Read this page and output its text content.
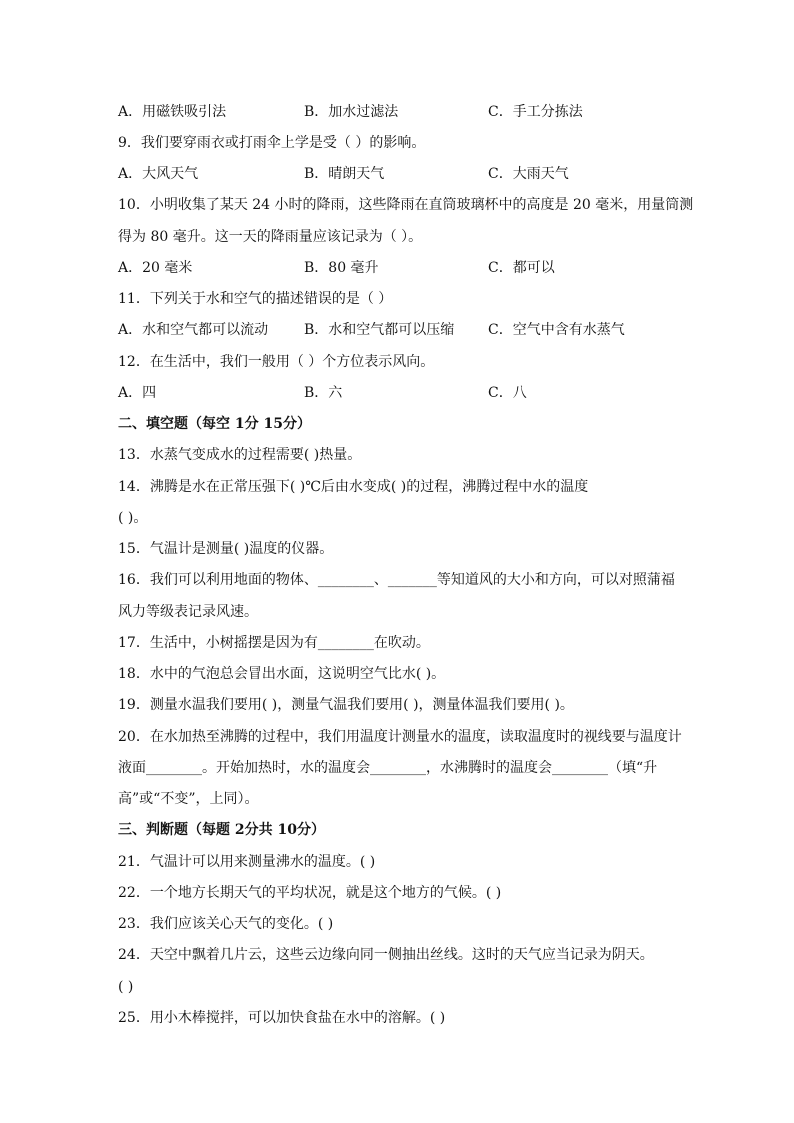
A．用磁铁吸引法	B．加水过滤法	C．手工分拣法
9．我们要穿雨衣或打雨伞上学是受（ ）的影响。
A．大风天气	B．晴朗天气	C．大雨天气
10．小明收集了某天 24 小时的降雨，这些降雨在直筒玻璃杯中的高度是 20 毫米，用量筒测
得为 80 毫升。这一天的降雨量应该记录为（ ）。
A．20 毫米	B．80 毫升	C．都可以
11．下列关于水和空气的描述错误的是（ ）
A．水和空气都可以流动	B．水和空气都可以压缩 C．空气中含有水蒸气
12．在生活中，我们一般用（ ）个方位表示风向。
A．四	B．六	C．八
二、填空题（每空 1分 15分）
13．水蒸气变成水的过程需要( )热量。
14．沸腾是水在正常压强下( )℃后由水变成( )的过程，沸腾过程中水的温度
( )。
15．气温计是测量( )温度的仪器。
16．我们可以利用地面的物体、________、_______等知道风的大小和方向，可以对照蒲福
风力等级表记录风速。
17．生活中，小树摇摆是因为有________在吹动。
18．水中的气泡总会冒出水面，这说明空气比水( )。
19．测量水温我们要用( )，测量气温我们要用( )，测量体温我们要用( )。
20．在水加热至沸腾的过程中，我们用温度计测量水的温度，读取温度时的视线要与温度计
液面________。开始加热时，水的温度会________，水沸腾时的温度会________（填“升
高”或“不变”，上同）。
三、判断题（每题 2分共 10分）
21．气温计可以用来测量沸水的温度。( )
22．一个地方长期天气的平均状况，就是这个地方的气候。( )
23．我们应该关心天气的变化。( )
24．天空中飘着几片云，这些云边缘向同一侧抽出丝线。这时的天气应当记录为阴天。
( )
25．用小木棒搅拌，可以加快食盐在水中的溶解。( )
